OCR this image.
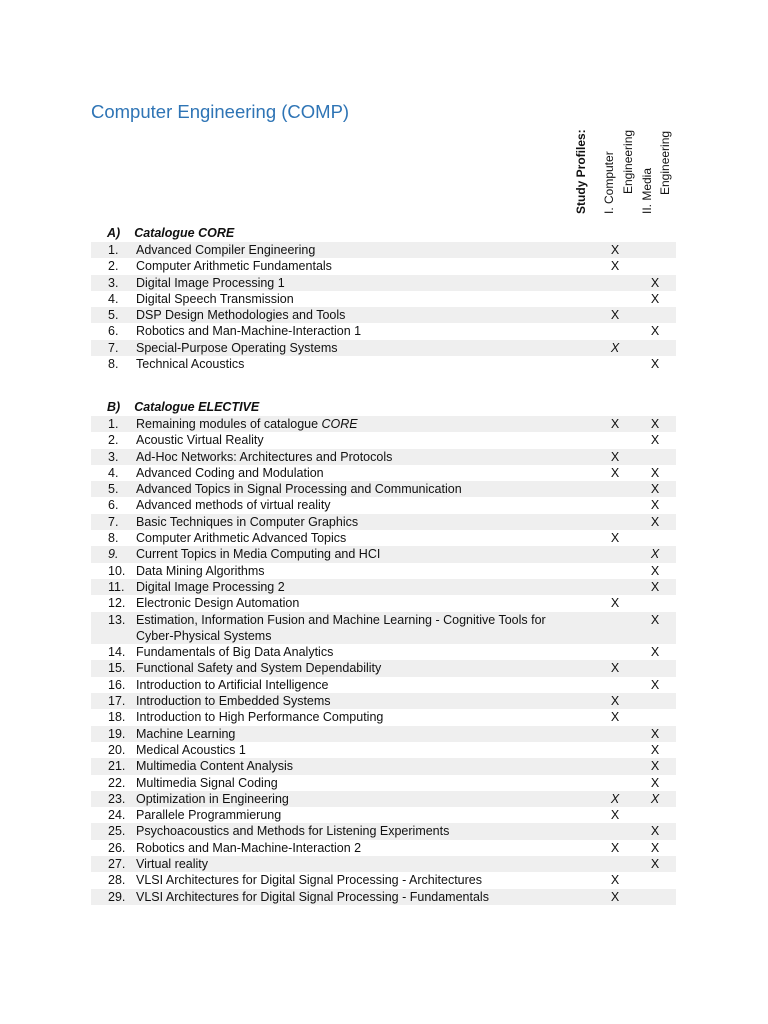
Computer Engineering (COMP)
Study Profiles: I. Computer Engineering II. Media Engineering
A) Catalogue CORE
1.	Advanced Compiler Engineering	X	
2.	Computer Arithmetic Fundamentals	X	
3.	Digital Image Processing 1		X
4.	Digital Speech Transmission		X
5.	DSP Design Methodologies and Tools	X	
6.	Robotics and Man-Machine-Interaction 1		X
7.	Special-Purpose Operating Systems	X	
8.	Technical Acoustics		X
B) Catalogue ELECTIVE
1.	Remaining modules of catalogue CORE	X	X
2.	Acoustic Virtual Reality		X
3.	Ad-Hoc Networks: Architectures and Protocols	X	
4.	Advanced Coding and Modulation	X	X
5.	Advanced Topics in Signal Processing and Communication		X
6.	Advanced methods of virtual reality		X
7.	Basic Techniques in Computer Graphics		X
8.	Computer Arithmetic Advanced Topics	X	
9.	Current Topics in Media Computing and HCI		X
10.	Data Mining Algorithms		X
11.	Digital Image Processing 2		X
12.	Electronic Design Automation	X	
13.	Estimation, Information Fusion and Machine Learning - Cognitive Tools for
Cyber-Physical Systems		X
14.	Fundamentals of Big Data Analytics		X
15.	Functional Safety and System Dependability	X	
16.	Introduction to Artificial Intelligence		X
17.	Introduction to Embedded Systems	X	
18.	Introduction to High Performance Computing	X	
19.	Machine Learning		X
20.	Medical Acoustics 1		X
21.	Multimedia Content Analysis		X
22.	Multimedia Signal Coding		X
23.	Optimization in Engineering	X	X
24.	Parallele Programmierung	X	
25.	Psychoacoustics and Methods for Listening Experiments		X
26.	Robotics and Man-Machine-Interaction 2	X	X
27.	Virtual reality		X
28.	VLSI Architectures for Digital Signal Processing - Architectures	X	
29.	VLSI Architectures for Digital Signal Processing - Fundamentals	X	
